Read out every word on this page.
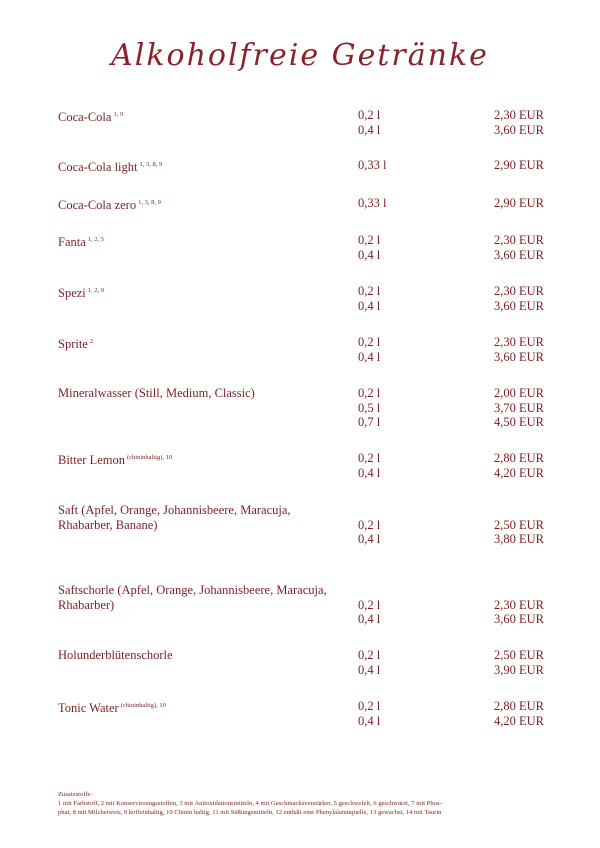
Alkoholfreie Getränke
Coca-Cola $^{1, 9}$	0,2 l	2,30 EUR
0,4 l	3,60 EUR
Coca-Cola light $^{1, 3, 8, 9}$	0,33 l	2,90 EUR
Coca-Cola zero $^{1, 3, 8, 9}$	0,33 l	2,90 EUR
Fanta $^{1, 2, 5}$	0,2 l	2,30 EUR
0,4 l	3,60 EUR
Spezi $^{1, 2, 9}$	0,2 l	2,30 EUR
0,4 l	3,60 EUR
Sprite $^2$	0,2 l	2,30 EUR
0,4 l	3,60 EUR
Mineralwasser (Still, Medium, Classic)	0,2 l	2,00 EUR
0,5 l	3,70 EUR
0,7 l	4,50 EUR
Bitter Lemon $^{(chininhaltig), 10}$	0,2 l	2,80 EUR
0,4 l	4,20 EUR
Saft (Apfel, Orange, Johannisbeere, Maracuja,
Rhabarber, Banane)	0,2 l	2,50 EUR
0,4 l	3,80 EUR
Saftschorle (Apfel, Orange, Johannisbeere, Maracuja,
Rhabarber)	0,2 l	2,30 EUR
0,4 l	3,60 EUR
Holunderblütenschorle	0,2 l	2,50 EUR
0,4 l	3,90 EUR
Tonic Water $^{(chininhaltig), 10}$	0,2 l	2,80 EUR
0,4 l	4,20 EUR
Zusatzstoffe:
1 mit Farbstoff, 2 mit Konservierungsstoffen, 3 mit Antioxidationsmitteln, 4 mit Geschmacksverstärker, 5 geschwefelt, 6 geschwärzt, 7 mit Phos-
phat, 8 mit Milcheiweis, 9 koffeinhaltig, 10 Chinin haltig, 11 mit Süßungsmitteln, 12 enthält eine Phenylalaninquelle, 13 gewachst, 14 mit Taurin
